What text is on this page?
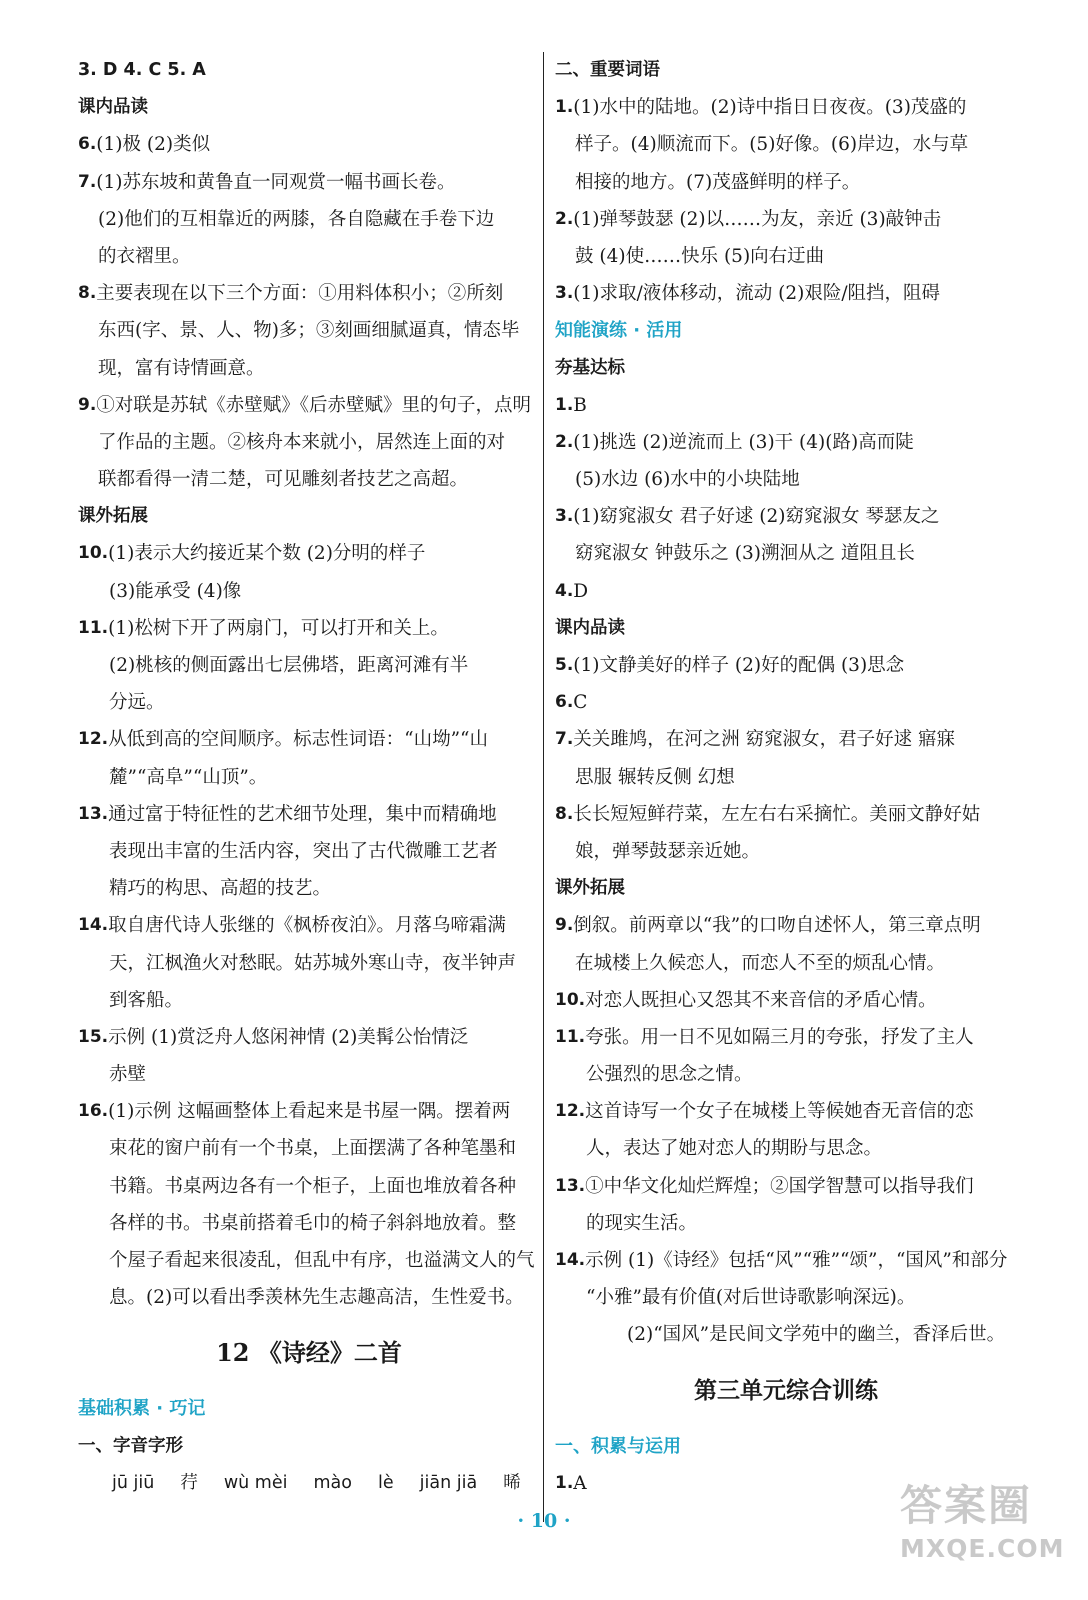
3. D 4. C 5. A
课内品读
6. (1)极 (2)类似
7. (1)苏东坡和黄鲁直一同观赏一幅书画长卷。
(2)他们的互相靠近的两膝，各自隐藏在手卷下边
的衣褶里。
8. 主要表现在以下三个方面：①用料体积小；②所刻
东西(字、景、人、物)多；③刻画细腻逼真，情态毕
现，富有诗情画意。
9. ①对联是苏轼《赤壁赋》《后赤壁赋》里的句子，点明
了作品的主题。②核舟本来就小，居然连上面的对
联都看得一清二楚，可见雕刻者技艺之高超。
课外拓展
10. (1)表示大约接近某个数 (2)分明的样子
(3)能承受 (4)像
11. (1)松树下开了两扇门，可以打开和关上。
(2)桃核的侧面露出七层佛塔，距离河滩有半
分远。
12. 从低到高的空间顺序。标志性词语：“山坳”“山
麓”“高阜”“山顶”。
13. 通过富于特征性的艺术细节处理，集中而精确地
表现出丰富的生活内容，突出了古代微雕工艺者
精巧的构思、高超的技艺。
14. 取自唐代诗人张继的《枫桥夜泊》。月落乌啼霜满
天，江枫渔火对愁眠。姑苏城外寒山寺，夜半钟声
到客船。
15. 示例 (1)赏泛舟人悠闲神情 (2)美髯公怡情泛
赤壁
16. (1)示例 这幅画整体上看起来是书屋一隅。摆着两
束花的窗户前有一个书桌，上面摆满了各种笔墨和
书籍。书桌两边各有一个柜子，上面也堆放着各种
各样的书。书桌前搭着毛巾的椅子斜斜地放着。整
个屋子看起来很凌乱，但乱中有序，也溢满文人的气
息。(2)可以看出季羡林先生志趣高洁，生性爱书。
12 《诗经》二首
基础积累 · 巧记
一、字音字形
jū jiū 荇 wù mèi mào lè jiān jiā 晞
二、重要词语
1. (1)水中的陆地。(2)诗中指日日夜夜。(3)茂盛的
样子。(4)顺流而下。(5)好像。(6)岸边，水与草
相接的地方。(7)茂盛鲜明的样子。
2. (1)弹琴鼓瑟 (2)以……为友，亲近 (3)敲钟击
鼓 (4)使……快乐 (5)向右迂曲
3. (1)求取/液体移动，流动 (2)艰险/阻挡，阻碍
知能演练 · 活用
夯基达标
1. B
2. (1)挑选 (2)逆流而上 (3)干 (4)(路)高而陡
(5)水边 (6)水中的小块陆地
3. (1)窈窕淑女 君子好逑 (2)窈窕淑女 琴瑟友之
窈窕淑女 钟鼓乐之 (3)溯洄从之 道阻且长
4. D
课内品读
5. (1)文静美好的样子 (2)好的配偶 (3)思念
6. C
7. 关关雎鸠，在河之洲 窈窕淑女，君子好逑 寤寐
思服 辗转反侧 幻想
8. 长长短短鲜荇菜，左左右右采摘忙。美丽文静好姑
娘，弹琴鼓瑟亲近她。
课外拓展
9. 倒叙。前两章以“我”的口吻自述怀人，第三章点明
在城楼上久候恋人，而恋人不至的烦乱心情。
10. 对恋人既担心又怨其不来音信的矛盾心情。
11. 夸张。用一日不见如隔三月的夸张，抒发了主人
公强烈的思念之情。
12. 这首诗写一个女子在城楼上等候她杳无音信的恋
人，表达了她对恋人的期盼与思念。
13. ①中华文化灿烂辉煌；②国学智慧可以指导我们
的现实生活。
14. 示例 (1)《诗经》包括“风”“雅”“颂”，“国风”和部分
“小雅”最有价值(对后世诗歌影响深远)。
(2)“国风”是民间文学苑中的幽兰，香泽后世。
第三单元综合训练
一、积累与运用
1. A
· 10 ·	答案圈
MXQE.COM
